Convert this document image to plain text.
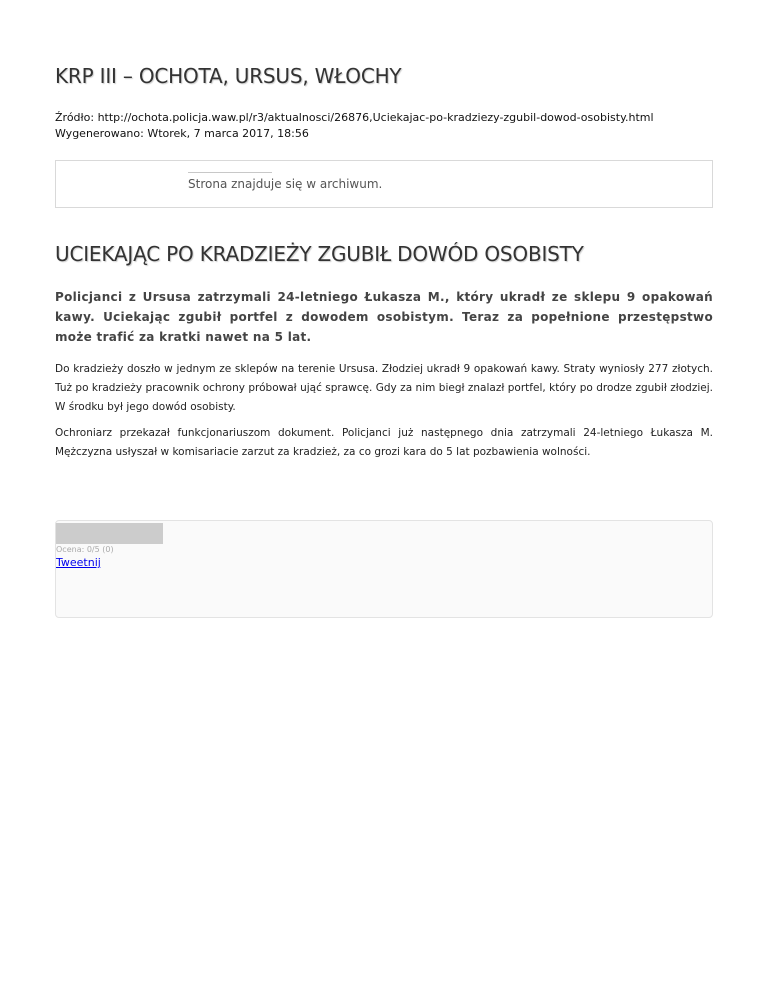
KRP III – OCHOTA, URSUS, WŁOCHY
Źródło: http://ochota.policja.waw.pl/r3/aktualnosci/26876,Uciekajac-po-kradziezy-zgubil-dowod-osobisty.html
Wygenerowano: Wtorek, 7 marca 2017, 18:56
Strona znajduje się w archiwum.
UCIEKAJĄC PO KRADZIEŻY ZGUBIŁ DOWÓD OSOBISTY

Policjanci z Ursusa zatrzymali 24-letniego Łukasza M., który ukradł ze sklepu 9 opakowań kawy. Uciekając zgubił portfel z dowodem osobistym. Teraz za popełnione przestępstwo może trafić za kratki nawet na 5 lat.

Do kradzieży doszło w jednym ze sklepów na terenie Ursusa. Złodziej ukradł 9 opakowań kawy. Straty wyniosły 277 złotych. Tuż po kradzieży pracownik ochrony próbował ująć sprawcę. Gdy za nim biegł znalazł portfel, który po drodze zgubił złodziej. W środku był jego dowód osobisty.

Ochroniarz przekazał funkcjonariuszom dokument. Policjanci już następnego dnia zatrzymali 24-letniego Łukasza M. Mężczyzna usłyszał w komisariacie zarzut za kradzież, za co grozi kara do 5 lat pozbawienia wolności.

Ocena: 0/5 (0)
Tweetnij
